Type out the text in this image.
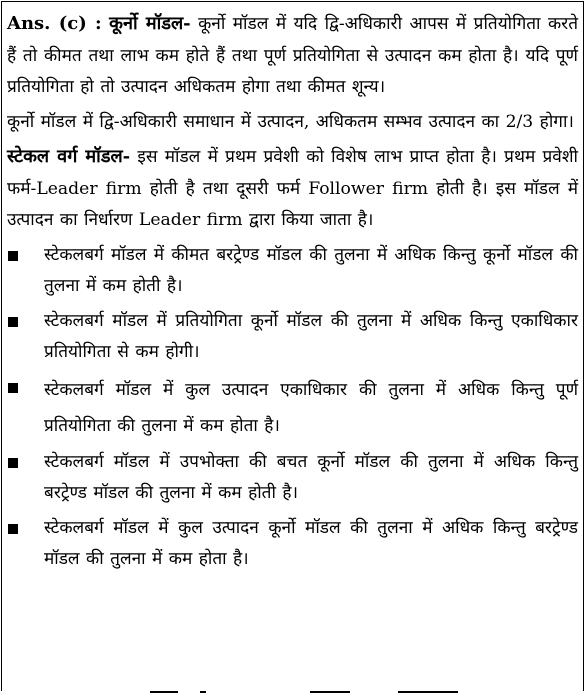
Ans. (c) : कूर्नो मॉडल- कूर्नो मॉडल में यदि द्वि-अधिकारी आपस में प्रतियोगिता करते हैं तो कीमत तथा लाभ कम होते हैं तथा पूर्ण प्रतियोगिता से उत्पादन कम होता है। यदि पूर्ण प्रतियोगिता हो तो उत्पादन अधिकतम होगा तथा कीमत शून्य।

कूर्नो मॉडल में द्वि-अधिकारी समाधान में उत्पादन, अधिकतम सम्भव उत्पादन का 2/3 होगा।

स्टेकल वर्ग मॉडल- इस मॉडल में प्रथम प्रवेशी को विशेष लाभ प्राप्त होता है। प्रथम प्रवेशी फर्म-Leader firm होती है तथा दूसरी फर्म Follower firm होती है। इस मॉडल में उत्पादन का निर्धारण Leader firm द्वारा किया जाता है।

स्टेकलबर्ग मॉडल में कीमत बरट्रेण्ड मॉडल की तुलना में अधिक किन्तु कूर्नो मॉडल की तुलना में कम होती है।
स्टेकलबर्ग मॉडल में प्रतियोगिता कूर्नो मॉडल की तुलना में अधिक किन्तु एकाधिकार प्रतियोगिता से कम होगी।
स्टेकलबर्ग मॉडल में कुल उत्पादन एकाधिकार की तुलना में अधिक किन्तु पूर्ण प्रतियोगिता की तुलना में कम होता है।
स्टेकलबर्ग मॉडल में उपभोक्ता की बचत कूर्नो मॉडल की तुलना में अधिक किन्तु बरट्रेण्ड मॉडल की तुलना में कम होती है।
स्टेकलबर्ग मॉडल में कुल उत्पादन कूर्नो मॉडल की तुलना में अधिक किन्तु बरट्रेण्ड मॉडल की तुलना में कम होता है।
